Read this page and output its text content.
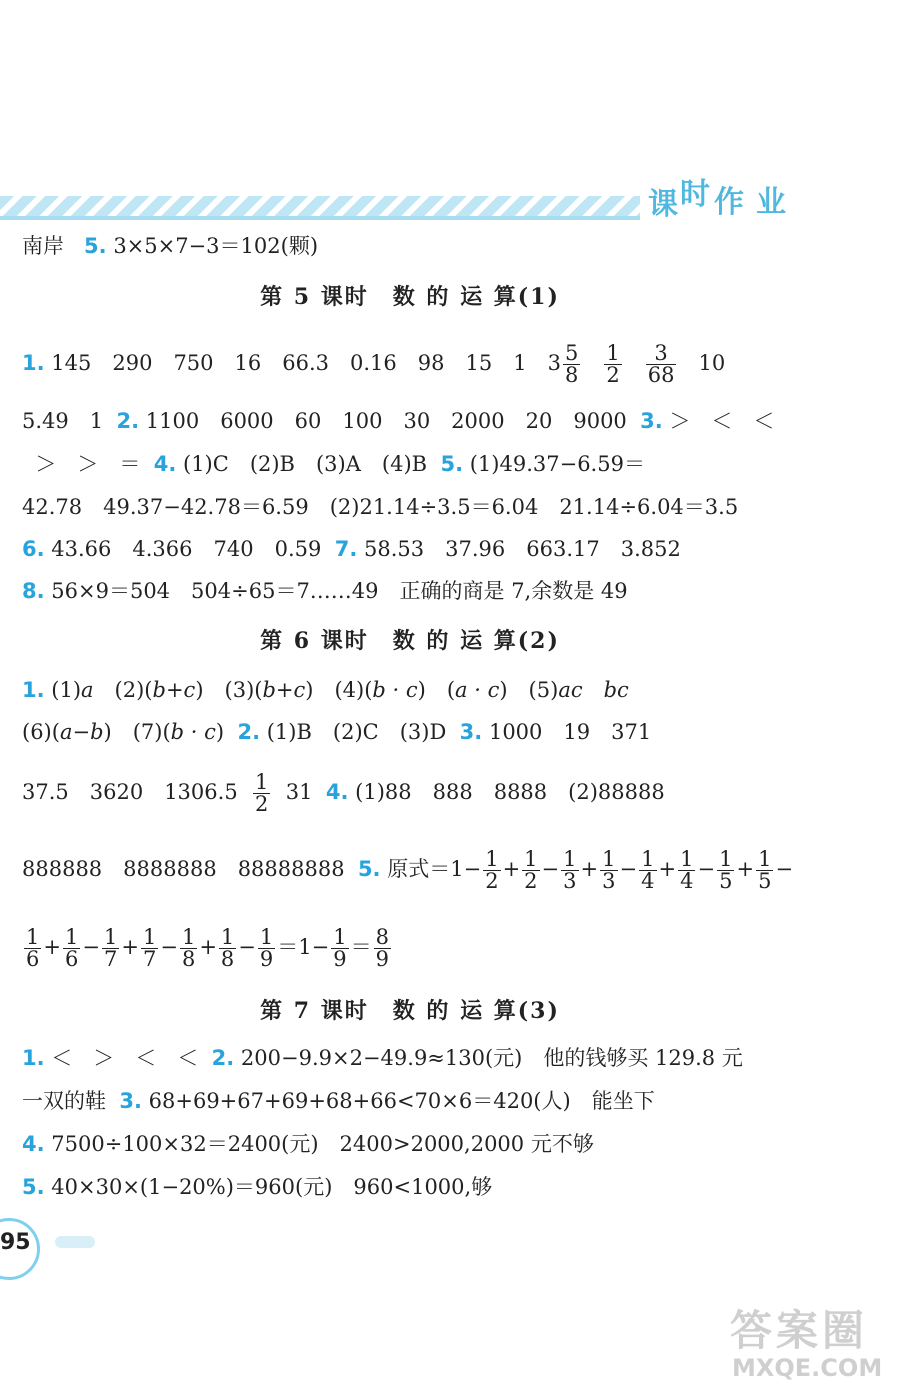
课 时 作 业
南岸 5. 3×5×7−3＝102(颗)
第 5 课时　数 的 运 算(1)
1. 145　290　750　16　66.3　0.16　98　15　1　$3 \frac{5}{8}$
$\frac{1}{2}$
$\frac{3}{68} 10$
5.49　1 2. 1100　6000　60　100　30　2000　20　9000 3. ＞　＜　＜
＞　＞　＝ 4. (1)C　(2)B　(3)A　(4)B 5. (1)49.37−6.59＝
42.78　49.37−42.78＝6.59　(2)21.14÷3.5＝6.04　21.14÷6.04＝3.5
6. 43.66　4.366　740　0.59 7. 58.53　37.96　663.17　3.852
8. 56×9＝504　504÷65＝7……49　正确的商是 7,余数是 49
第 6 课时　数 的 运 算(2)
1. (1)a　(2)(b+c)　(3)(b+c)　(4)(b · c)　(a · c)　(5)ac　 bc
(6)(a−b)　(7)(b · c) 2. (1)B　(2)C　(3)D 3. 1000　19　371
37.5　3620　$1306.5 \frac{1}{2} 31$ 4. (1)88　888　8888　(2)88888
888888　8888888　88888888 5. 原式$=1- \frac{1}{2} + \frac{1}{2} - \frac{1}{3} + \frac{1}{3} - \frac{1}{4} + \frac{1}{4} - \frac{1}{5} + \frac{1}{5}$ −
$\frac{1}{6} + \frac{1}{6} - \frac{1}{7} + \frac{1}{7} - \frac{1}{8} + \frac{1}{8} - \frac{1}{9} =1- \frac{1}{9} = \frac{8}{9}$
第 7 课时　数 的 运 算(3)
1. ＜　＞　＜　＜ 2. 200−9.9×2−49.9≈130(元)　他的钱够买 129.8 元
一双的鞋 3. 68+69+67+69+68+66<70×6＝420(人)　能坐下
4. 7500÷100×32＝2400(元)　2400>2000,2000 元不够
5. 40×30×(1−20%)＝960(元)　960<1000,够
95
答案圈
MXQE.COM
